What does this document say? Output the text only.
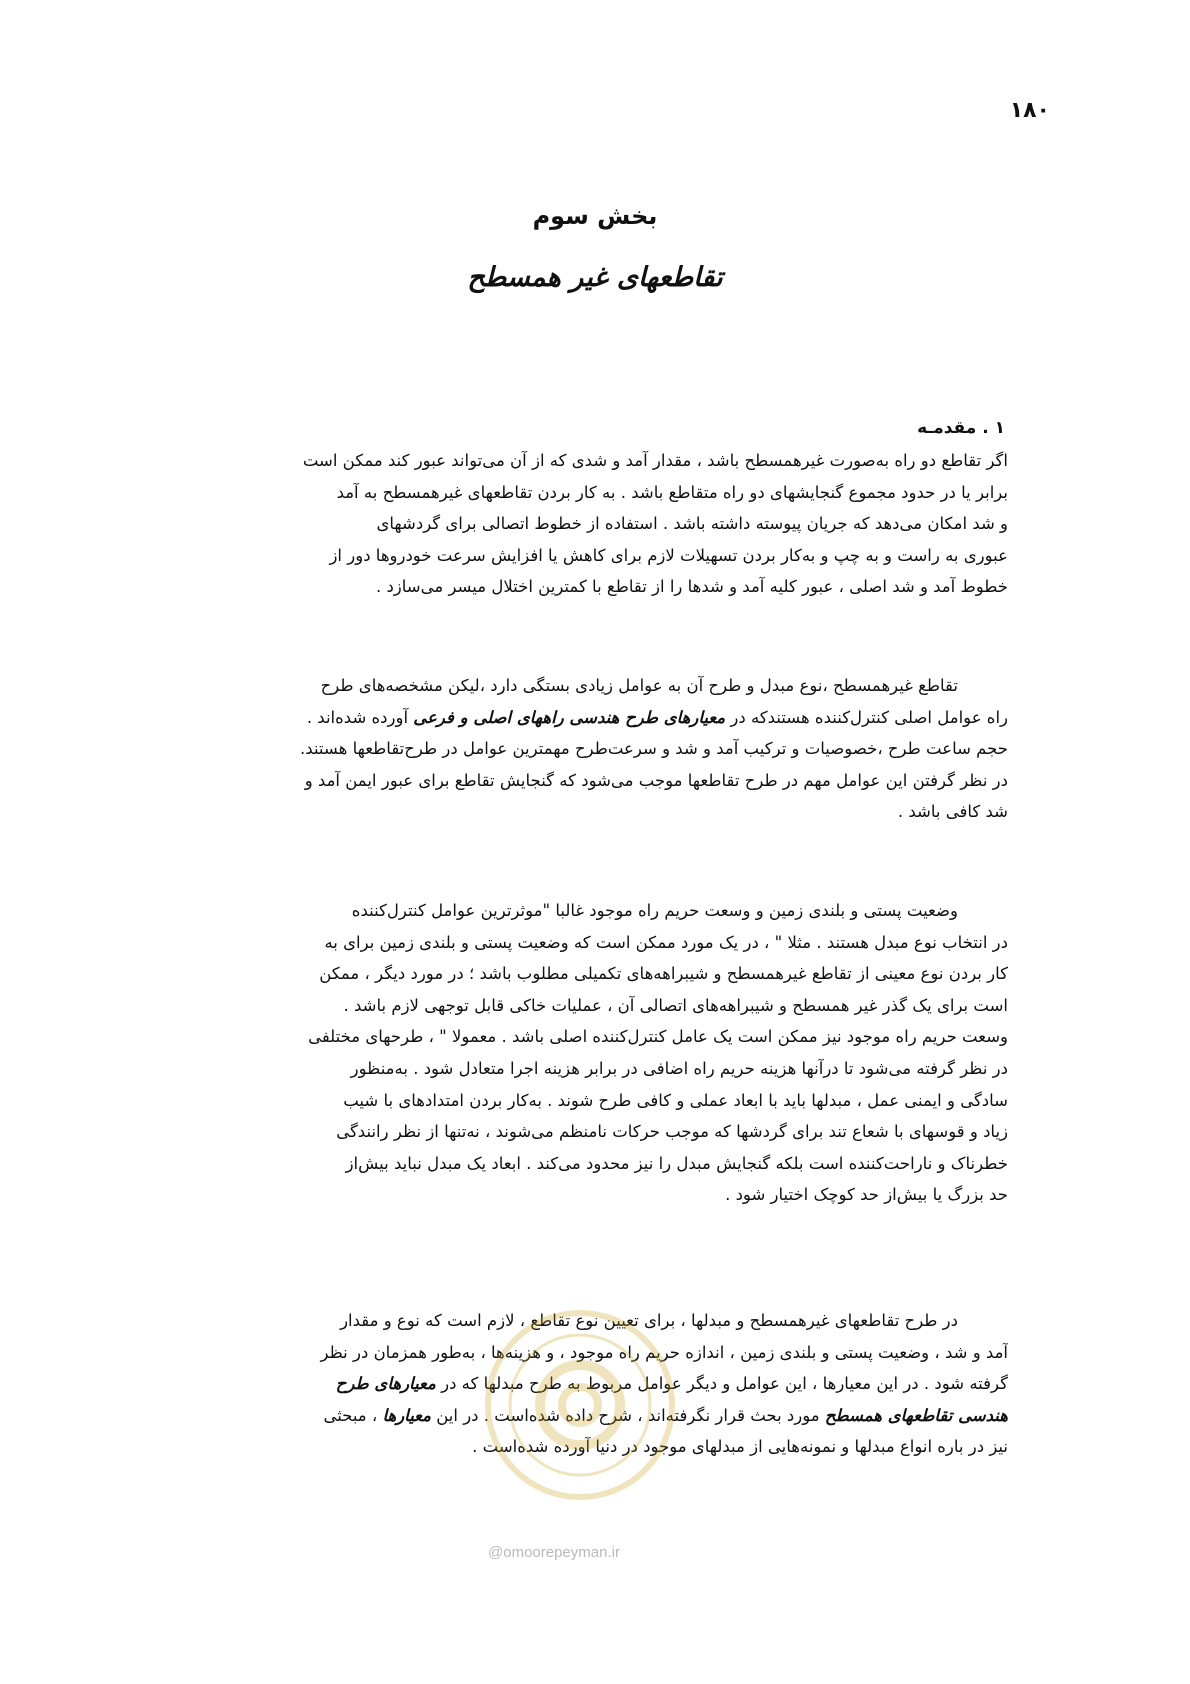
۱۸۰
بخش سوم
تقاطعهای غیر همسطح
۱ . مقدمـه
اگر تقاطع دو راه به‌صورت غیرهمسطح باشد ، مقدار آمد و شدی که از آن می‌تواند عبور کند ممکن است
برابر یا در حدود مجموع گنجایشهای دو راه متقاطع باشد . به کار بردن تقاطعهای غیرهمسطح به آمد
و شد امکان می‌دهد که جریان پیوسته داشته باشد . استفاده از خطوط اتصالی برای گردشهای
عبوری به راست و به چپ و به‌کار بردن تسهیلات لازم برای کاهش یا افزایش سرعت خودروها دور از
خطوط آمد و شد اصلی ، عبور کلیه آمد و شدها را از تقاطع با کمترین اختلال میسر می‌سازد .
تقاطع غیرهمسطح ،نوع مبدل و طرح آن به عوامل زیادی بستگی دارد ،لیکن مشخصه‌های طرح
راه عوامل اصلی کنترل‌کننده هستندکه در معیارهای طرح هندسی راههای اصلی و فرعی آورده شده‌اند .
حجم ساعت طرح ،خصوصیات و ترکیب آمد و شد و سرعت‌طرح مهمترین عوامل در طرح‌تقاطعها هستند.
در نظر گرفتن این عوامل مهم در طرح تقاطعها موجب می‌شود که گنجایش تقاطع برای عبور ایمن آمد و
شد کافی باشد .
وضعیت پستی و بلندی زمین و وسعت حریم راه موجود غالبا "موثرترین عوامل کنترل‌کننده
در انتخاب نوع مبدل هستند . مثلا " ، در یک مورد ممکن است که وضعیت پستی و بلندی زمین برای به
کار بردن نوع معینی از تقاطع غیرهمسطح و شیبراهه‌های تکمیلی مطلوب باشد ؛ در مورد دیگر ، ممکن
است برای یک گذر غیر همسطح و شیبراهه‌های اتصالی آن ، عملیات خاکی قابل توجهی لازم باشد .
وسعت حریم راه موجود نیز ممکن است یک عامل کنترل‌کننده اصلی باشد . معمولا " ، طرحهای مختلفی
در نظر گرفته می‌شود تا درآنها هزینه حریم راه اضافی در برابر هزینه اجرا متعادل شود . به‌منظور
سادگی و ایمنی عمل ، مبدلها باید با ابعاد عملی و کافی طرح شوند . به‌کار بردن امتدادهای با شیب
زیاد و قوسهای با شعاع تند برای گردشها که موجب حرکات نامنظم می‌شوند ، نه‌تنها از نظر رانندگی
خطرناک و ناراحت‌کننده است بلکه گنجایش مبدل را نیز محدود می‌کند . ابعاد یک مبدل نباید بیش‌از
حد بزرگ یا بیش‌از حد کوچک اختیار شود .
در طرح تقاطعهای غیرهمسطح و مبدلها ، برای تعیین نوع تقاطع ، لازم است که نوع و مقدار
آمد و شد ، وضعیت پستی و بلندی زمین ، اندازه حریم راه موجود ، و هزینه‌ها ، به‌طور همزمان در نظر
گرفته شود . در این معیارها ، این عوامل و دیگر عوامل مربوط به طرح مبدلها که در معیارهای طرح
هندسی تقاطعهای همسطح مورد بحث قرار نگرفته‌اند ، شرح داده شده‌است . در این معیارها ، مبحثی
نیز در باره انواع مبدلها و نمونه‌هایی از مبدلهای موجود در دنیا آورده شده‌است .
@omoorepeyman.ir
